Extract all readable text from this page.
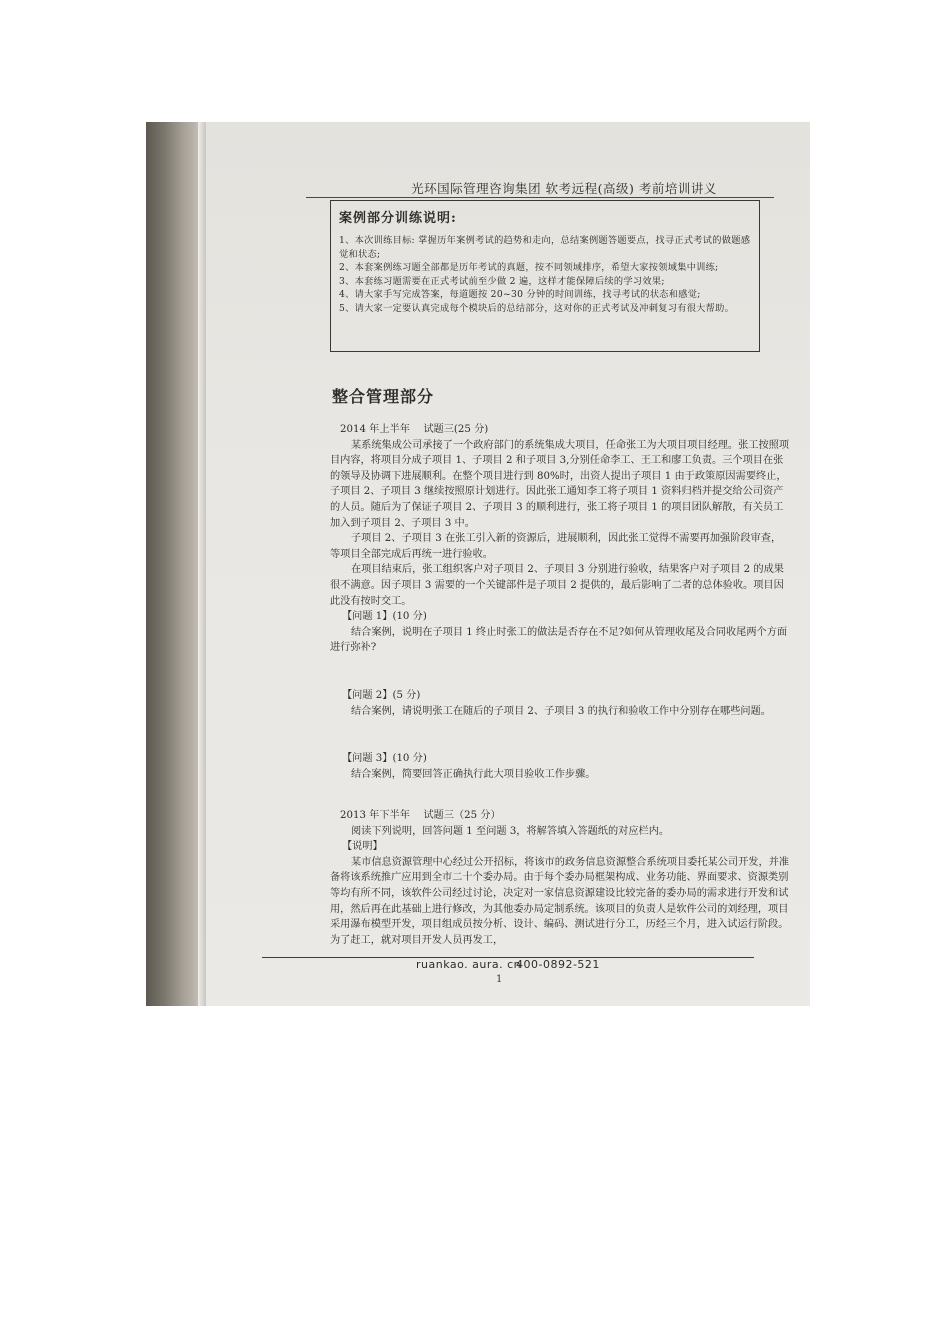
光环国际管理咨询集团 软考远程(高级) 考前培训讲义

案例部分训练说明:

1、本次训练目标: 掌握历年案例考试的趋势和走向，总结案例题答题要点，找寻正式考试的做题感觉和状态;

2、本套案例练习题全部都是历年考试的真题，按不同领域排序，希望大家按领域集中训练;

3、本套练习题需要在正式考试前至少做 2 遍，这样才能保障后续的学习效果;

4、请大家手写完成答案，每道题按 20~30 分钟的时间训练，找寻考试的状态和感觉;

5、请大家一定要认真完成每个模块后的总结部分，这对你的正式考试及冲刺复习有很大帮助。

整合管理部分

2014 年上半年　 试题三(25 分)

某系统集成公司承接了一个政府部门的系统集成大项目，任命张工为大项目项目经理。张工按照项目内容，将项目分成子项目 1、子项目 2 和子项目 3,分别任命李工、王工和廖工负责。三个项目在张的领导及协调下进展顺利。在整个项目进行到 80%时，出资人提出子项目 1 由于政策原因需要终止，子项目 2、子项目 3 继续按照原计划进行。因此张工通知李工将子项目 1 资料归档并提交给公司资产的人员。随后为了保证子项目 2、子项目 3 的顺利进行，张工将子项目 1 的项目团队解散，有关员工加入到子项目 2、子项目 3 中。

子项目 2、子项目 3 在张工引入新的资源后，进展顺利，因此张工觉得不需要再加强阶段审查，等项目全部完成后再统一进行验收。

在项目结束后，张工组织客户对子项目 2、子项目 3 分别进行验收，结果客户对子项目 2 的成果很不满意。因子项目 3 需要的一个关键部件是子项目 2 提供的，最后影响了二者的总体验收。项目因此没有按时交工。

【问题 1】(10 分)

结合案例，说明在子项目 1 终止时张工的做法是否存在不足?如何从管理收尾及合同收尾两个方面进行弥补?

【问题 2】(5 分)

结合案例，请说明张工在随后的子项目 2、子项目 3 的执行和验收工作中分别存在哪些问题。

【问题 3】(10 分)

结合案例，简要回答正确执行此大项目验收工作步骤。

2013 年下半年　 试题三（25 分）

阅读下列说明，回答问题 1 至问题 3，将解答填入答题纸的对应栏内。

【说明】

某市信息资源管理中心经过公开招标，将该市的政务信息资源整合系统项目委托某公司开发，并准备将该系统推广应用到全市二十个委办局。由于每个委办局框架构成、业务功能、界面要求、资源类别等均有所不同，该软件公司经过讨论，决定对一家信息资源建设比较完备的委办局的需求进行开发和试用，然后再在此基础上进行修改，为其他委办局定制系统。该项目的负责人是软件公司的刘经理，项目采用瀑布模型开发，项目组成员按分析、设计、编码、测试进行分工，历经三个月，进入试运行阶段。为了赶工，就对项目开发人员再发工，

ruankao. aura. cn
400-0892-521
1
